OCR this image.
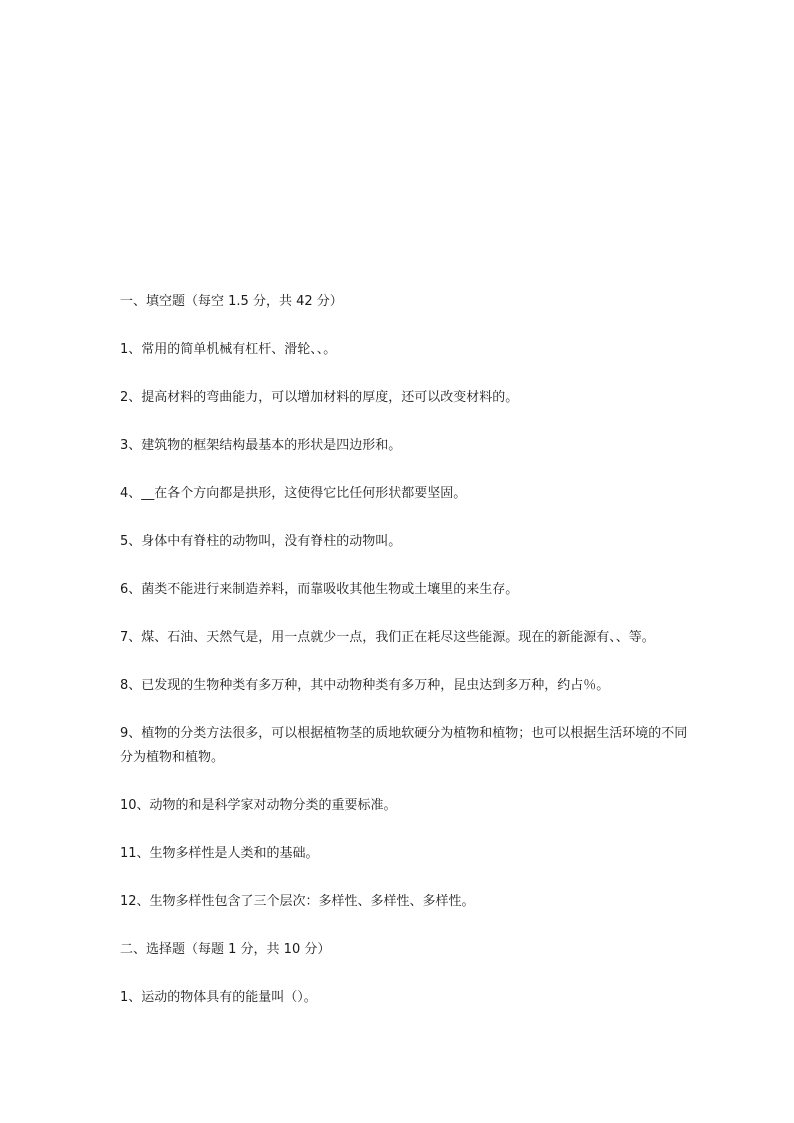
一、填空题（每空 1.5 分，共 42 分）

1、常用的简单机械有杠杆、滑轮、、。

2、提高材料的弯曲能力，可以增加材料的厚度，还可以改变材料的。

3、建筑物的框架结构最基本的形状是四边形和。

4、__在各个方向都是拱形，这使得它比任何形状都要坚固。

5、身体中有脊柱的动物叫，没有脊柱的动物叫。

6、菌类不能进行来制造养料，而靠吸收其他生物或土壤里的来生存。

7、煤、石油、天然气是，用一点就少一点，我们正在耗尽这些能源。现在的新能源有、、等。

8、已发现的生物种类有多万种，其中动物种类有多万种，昆虫达到多万种，约占％。

9、植物的分类方法很多，可以根据植物茎的质地软硬分为植物和植物；也可以根据生活环境的不同分为植物和植物。

10、动物的和是科学家对动物分类的重要标准。

11、生物多样性是人类和的基础。

12、生物多样性包含了三个层次：多样性、多样性、多样性。

二、选择题（每题 1 分，共 10 分）

1、运动的物体具有的能量叫（）。
